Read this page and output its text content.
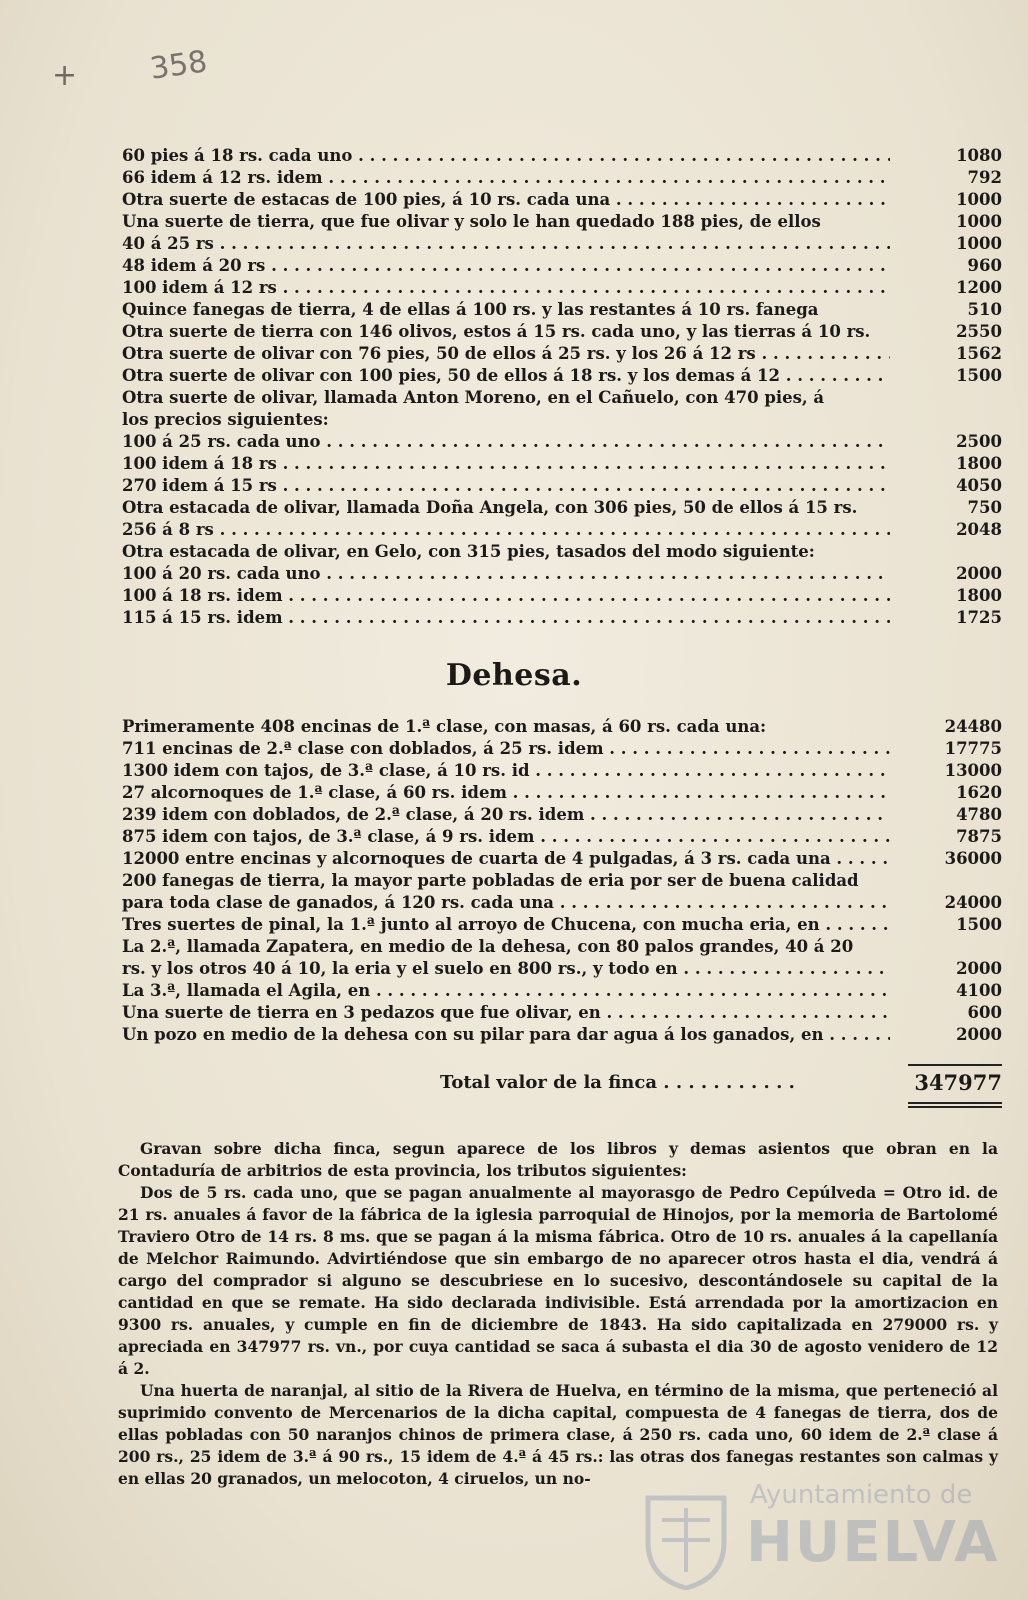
+ 358
60 pies á 18 rs. cada uno . . .	1080
66 idem á 12 rs. idem . . .	792
Otra suerte de estacas de 100 pies, á 10 rs. cada una . . .	1000
Una suerte de tierra, que fue olivar y solo le han quedado 188 pies, de ellos	1000
40 á 25 rs . . .	1000
48 idem á 20 rs . . .	960
100 idem á 12 rs . . .	1200
Quince fanegas de tierra, 4 de ellas á 100 rs. y las restantes á 10 rs. fanega	510
Otra suerte de tierra con 146 olivos, estos á 15 rs. cada uno, y las tierras á 10 rs.	2550
Otra suerte de olivar con 76 pies, 50 de ellos á 25 rs. y los 26 á 12 rs . . .	1562
Otra suerte de olivar con 100 pies, 50 de ellos á 18 rs. y los demas á 12 . . .	1500
Otra suerte de olivar, llamada Anton Moreno, en el Cañuelo, con 470 pies, á
los precios siguientes:
100 á 25 rs. cada uno . . .	2500
100 idem á 18 rs . . .	1800
270 idem á 15 rs . . .	4050
Otra estacada de olivar, llamada Doña Angela, con 306 pies, 50 de ellos á 15 rs.	750
256 á 8 rs . . .	2048
Otra estacada de olivar, en Gelo, con 315 pies, tasados del modo siguiente:
100 á 20 rs. cada uno . . .	2000
100 á 18 rs. idem . . .	1800
115 á 15 rs. idem . . .	1725
Dehesa.
Primeramente 408 encinas de 1.ª clase, con masas, á 60 rs. cada una:	24480
711 encinas de 2.ª clase con doblados, á 25 rs. idem . . .	17775
1300 idem con tajos, de 3.ª clase, á 10 rs. id . . .	13000
27 alcornoques de 1.ª clase, á 60 rs. idem . . .	1620
239 idem con doblados, de 2.ª clase, á 20 rs. idem . . .	4780
875 idem con tajos, de 3.ª clase, á 9 rs. idem . . .	7875
12000 entre encinas y alcornoques de cuarta de 4 pulgadas, á 3 rs. cada una . . .	36000
200 fanegas de tierra, la mayor parte pobladas de eria por ser de buena calidad
para toda clase de ganados, á 120 rs. cada una . . .	24000
Tres suertes de pinal, la 1.ª junto al arroyo de Chucena, con mucha eria, en . . .	1500
La 2.ª, llamada Zapatera, en medio de la dehesa, con 80 palos grandes, 40 á 20
rs. y los otros 40 á 10, la eria y el suelo en 800 rs., y todo en . . .	2000
La 3.ª, llamada el Agila, en . . .	4100
Una suerte de tierra en 3 pedazos que fue olivar, en . . .	600
Un pozo en medio de la dehesa con su pilar para dar agua á los ganados, en . . .	2000
Total valor de la finca . . .	347977

Gravan sobre dicha finca, segun aparece de los libros y demas asientos que obran en la Contaduría de arbitrios de esta provincia, los tributos siguientes:

Dos de 5 rs. cada uno, que se pagan anualmente al mayorasgo de Pedro Cepúlveda = Otro id. de 21 rs. anuales á favor de la fábrica de la iglesia parroquial de Hinojos, por la memoria de Bartolomé Traviero Otro de 14 rs. 8 ms. que se pagan á la misma fábrica. Otro de 10 rs. anuales á la capellanía de Melchor Raimundo. Advirtiéndose que sin embargo de no aparecer otros hasta el dia, vendrá á cargo del comprador si alguno se descubriese en lo sucesivo, descontándosele su capital de la cantidad en que se remate. Ha sido declarada indivisible. Está arrendada por la amortizacion en 9300 rs. anuales, y cumple en fin de diciembre de 1843. Ha sido capitalizada en 279000 rs. y apreciada en 347977 rs. vn., por cuya cantidad se saca á subasta el dia 30 de agosto venidero de 12 á 2.

Una huerta de naranjal, al sitio de la Rivera de Huelva, en término de la misma, que perteneció al suprimido convento de Mercenarios de la dicha capital, compuesta de 4 fanegas de tierra, dos de ellas pobladas con 50 naranjos chinos de primera clase, á 250 rs. cada uno, 60 idem de 2.ª clase á 200 rs., 25 idem de 3.ª á 90 rs., 15 idem de 4.ª á 45 rs.: las otras dos fanegas restantes son calmas y en ellas 20 granados, un melocoton, 4 ciruelos, un no-

Ayuntamiento de
HUELVA
